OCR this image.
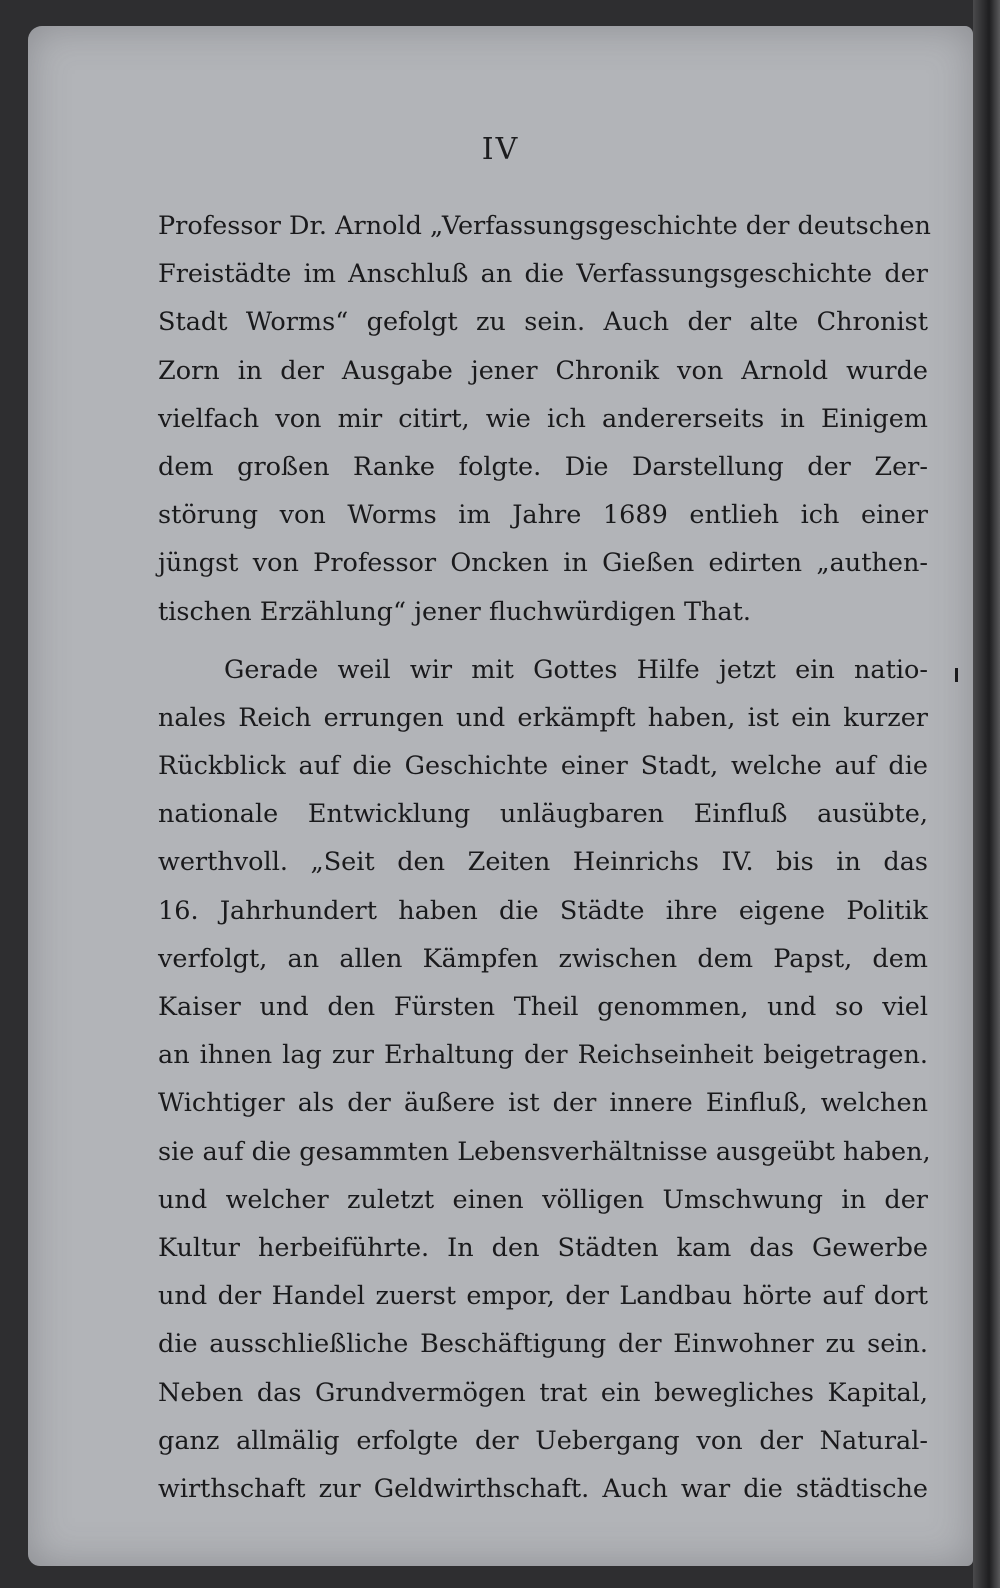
IV
Professor Dr. Arnold „Verfassungsgeschichte der deutschen
Freistädte im Anschluß an die Verfassungsgeschichte der
Stadt Worms“ gefolgt zu sein. Auch der alte Chronist
Zorn in der Ausgabe jener Chronik von Arnold wurde
vielfach von mir citirt, wie ich andererseits in Einigem
dem großen Ranke folgte. Die Darstellung der Zer-
störung von Worms im Jahre 1689 entlieh ich einer
jüngst von Professor Oncken in Gießen edirten „authen-
tischen Erzählung“ jener fluchwürdigen That.
Gerade weil wir mit Gottes Hilfe jetzt ein natio-
nales Reich errungen und erkämpft haben, ist ein kurzer
Rückblick auf die Geschichte einer Stadt, welche auf die
nationale Entwicklung unläugbaren Einfluß ausübte,
werthvoll. „Seit den Zeiten Heinrichs IV. bis in das
16. Jahrhundert haben die Städte ihre eigene Politik
verfolgt, an allen Kämpfen zwischen dem Papst, dem
Kaiser und den Fürsten Theil genommen, und so viel
an ihnen lag zur Erhaltung der Reichseinheit beigetragen.
Wichtiger als der äußere ist der innere Einfluß, welchen
sie auf die gesammten Lebensverhältnisse ausgeübt haben,
und welcher zuletzt einen völligen Umschwung in der
Kultur herbeiführte. In den Städten kam das Gewerbe
und der Handel zuerst empor, der Landbau hörte auf dort
die ausschließliche Beschäftigung der Einwohner zu sein.
Neben das Grundvermögen trat ein bewegliches Kapital,
ganz allmälig erfolgte der Uebergang von der Natural-
wirthschaft zur Geldwirthschaft. Auch war die städtische
